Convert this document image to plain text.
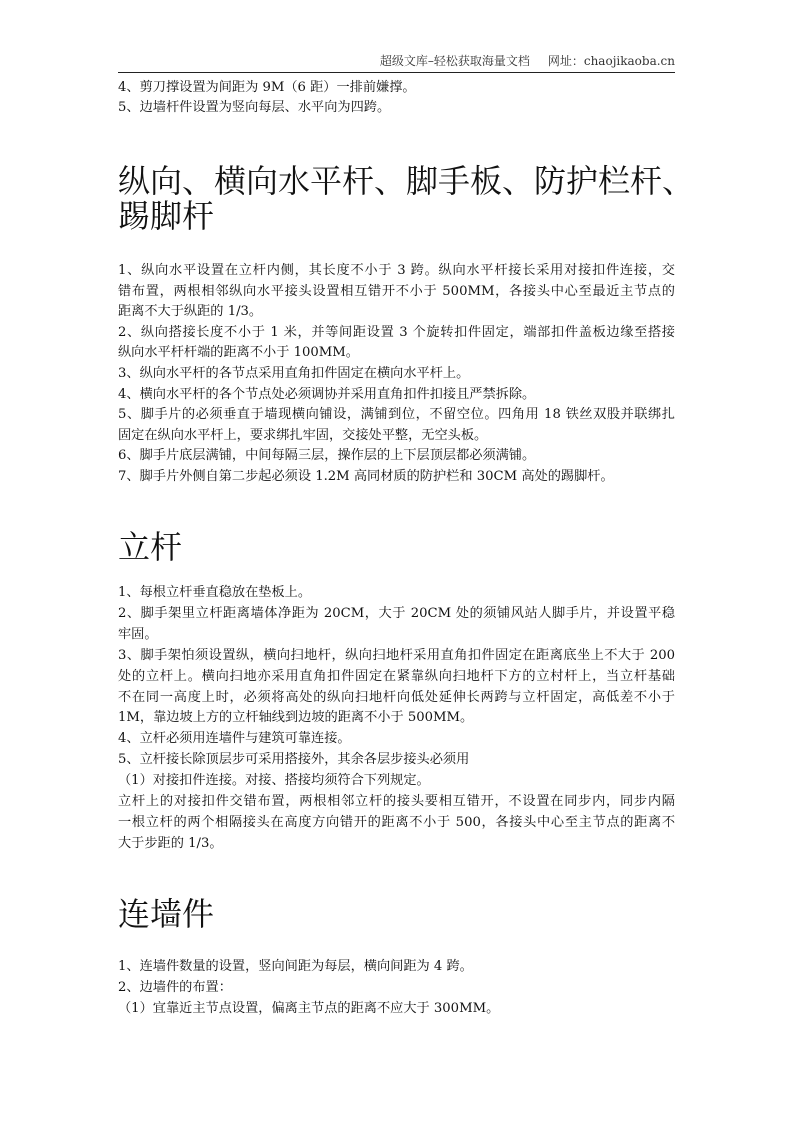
超级文库–轻松获取海量文档 网址：chaojikaoba.cn
4、剪刀撑设置为间距为 9M（6 距）一排前嫌撑。
5、边墙杆件设置为竖向每层、水平向为四跨。
纵向、横向水平杆、脚手板、防护栏杆、
踢脚杆
1、纵向水平设置在立杆内侧，其长度不小于 3 跨。纵向水平杆接长采用对接扣件连接，交
错布置，两根相邻纵向水平接头设置相互错开不小于 500MM，各接头中心至最近主节点的
距离不大于纵距的 1/3。
2、纵向搭接长度不小于 1 米，并等间距设置 3 个旋转扣件固定，端部扣件盖板边缘至搭接
纵向水平杆杆端的距离不小于 100MM。
3、纵向水平杆的各节点采用直角扣件固定在横向水平杆上。
4、横向水平杆的各个节点处必须调协并采用直角扣件扣接且严禁拆除。
5、脚手片的必须垂直于墙现横向铺设，满铺到位，不留空位。四角用 18 铁丝双股并联绑扎
固定在纵向水平杆上，要求绑扎牢固，交接处平整，无空头板。
6、脚手片底层满铺，中间每隔三层，操作层的上下层顶层都必须满铺。
7、脚手片外侧自第二步起必须设 1.2M 高同材质的防护栏和 30CM 高处的踢脚杆。
立杆
1、每根立杆垂直稳放在垫板上。
2、脚手架里立杆距离墙体净距为 20CM，大于 20CM 处的须铺风站人脚手片，并设置平稳
牢固。
3、脚手架怕须设置纵，横向扫地杆，纵向扫地杆采用直角扣件固定在距离底坐上不大于 200
处的立杆上。横向扫地亦采用直角扣件固定在紧靠纵向扫地杆下方的立村杆上，当立杆基础
不在同一高度上时，必须将高处的纵向扫地杆向低处延伸长两跨与立杆固定，高低差不小于
1M，靠边坡上方的立杆轴线到边坡的距离不小于 500MM。
4、立杆必须用连墙件与建筑可靠连接。
5、立杆接长除顶层步可采用搭接外，其余各层步接头必须用
（1）对接扣件连接。对接、搭接均须符合下列规定。
立杆上的对接扣件交错布置，两根相邻立杆的接头要相互错开，不设置在同步内，同步内隔
一根立杆的两个相隔接头在高度方向错开的距离不小于 500，各接头中心至主节点的距离不
大于步距的 1/3。
连墙件
1、连墙件数量的设置，竖向间距为每层，横向间距为 4 跨。
2、边墙件的布置：
（1）宜靠近主节点设置，偏离主节点的距离不应大于 300MM。
